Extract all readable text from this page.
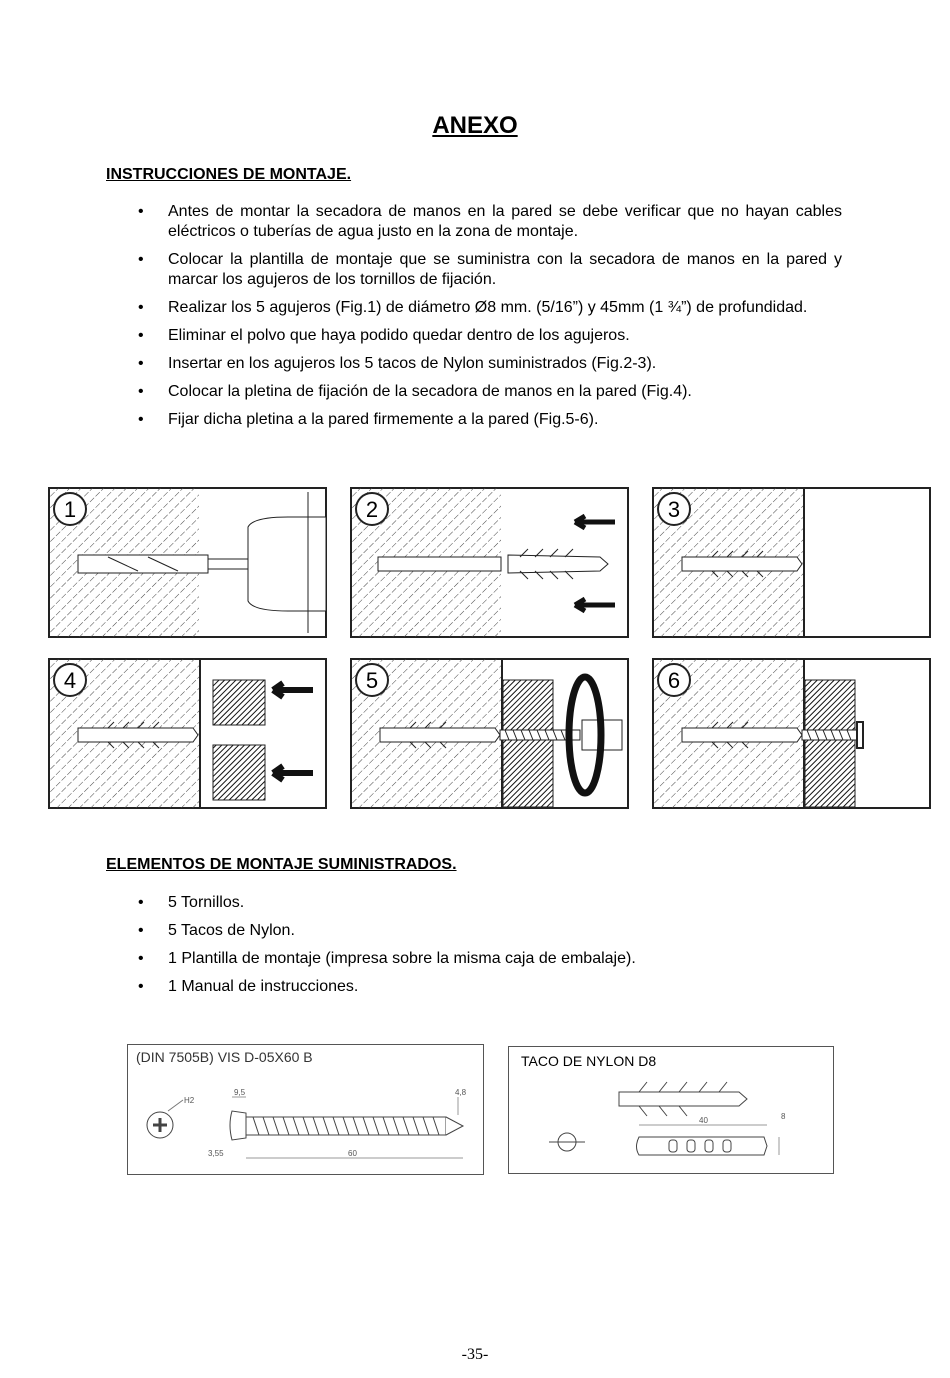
ANEXO
INSTRUCCIONES DE MONTAJE.
• Antes de montar la secadora de manos en la pared se debe verificar que no hayan cables eléctricos o tuberías de agua justo en la zona de montaje.
• Colocar la plantilla de montaje que se suministra con la secadora de manos en la pared y marcar los agujeros de los tornillos de fijación.
• Realizar los 5 agujeros (Fig.1) de diámetro Ø8 mm. (5/16”) y 45mm (1 ¾”) de profundidad.
• Eliminar el polvo que haya podido quedar dentro de los agujeros.
• Insertar en los agujeros los 5 tacos de Nylon suministrados (Fig.2-3).
• Colocar la pletina de fijación de la secadora de manos en la pared (Fig.4).
• Fijar dicha pletina a la pared firmemente a la pared (Fig.5-6).
1	2	3
4	5	6
ELEMENTOS DE MONTAJE SUMINISTRADOS.
• 5 Tornillos.
• 5 Tacos de Nylon.
• 1 Plantilla de montaje (impresa sobre la misma caja de embalaje).
• 1 Manual de instrucciones.
(DIN 7505B) VIS D-05X60 B
H2
9,5	4,8
3,55	60
TACO DE NYLON D8
40	8
-35-
